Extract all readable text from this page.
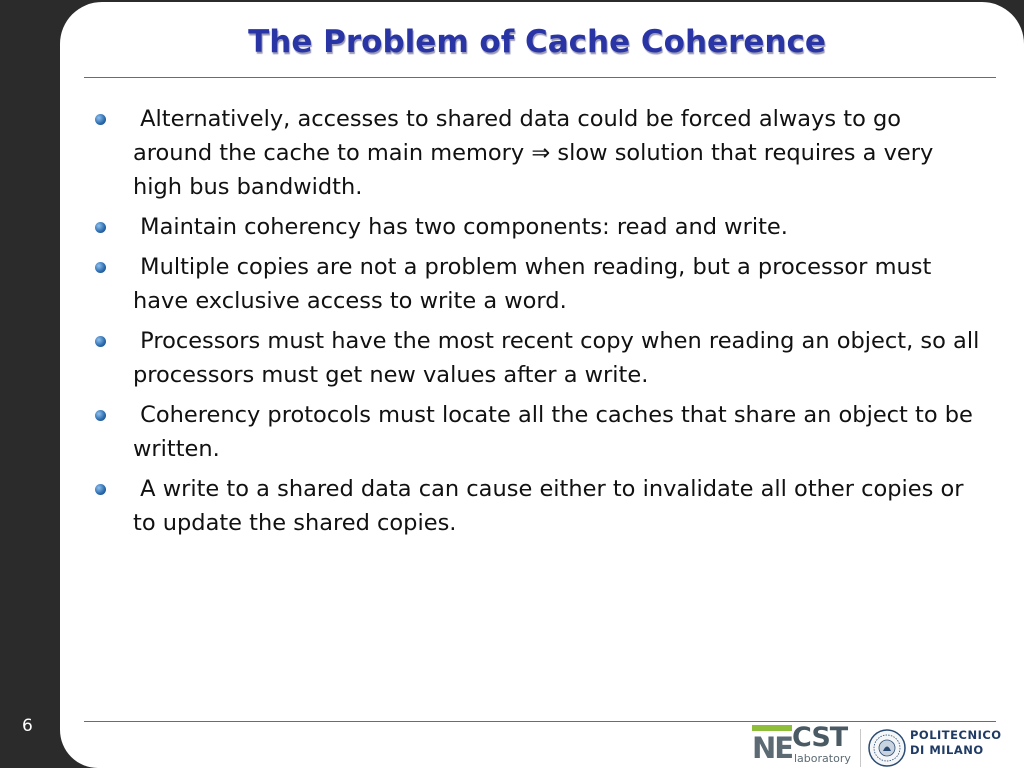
The Problem of Cache Coherence
Alternatively, accesses to shared data could be forced always to go around the cache to main memory ⇒ slow solution that requires a very high bus bandwidth.
Maintain coherency has two components: read and write.
Multiple copies are not a problem when reading, but a processor must have exclusive access to write a word.
Processors must have the most recent copy when reading an object, so all processors must get new values after a write.
Coherency protocols must locate all the caches that share an object to be written.
A write to a shared data can cause either to invalidate all other copies or to update the shared copies.
NE CST
laboratory
POLITECNICO
DI MILANO
6
